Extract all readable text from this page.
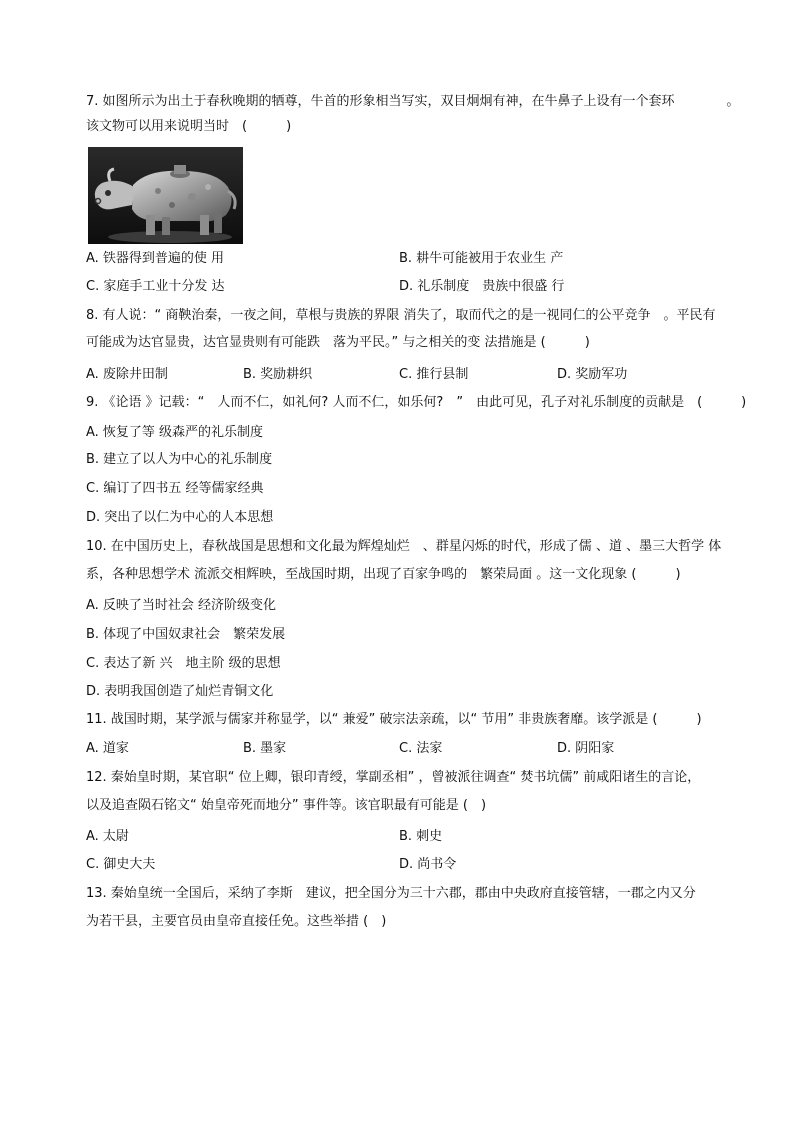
7. 如图所示为出土于春秋晚期的牺尊，牛首的形象相当写实，双目炯炯有神，在牛鼻子上设有一个套环　　　　。
该文物可以用来说明当时　(　　　)
A. 铁器得到普遍的使 用	B. 耕牛可能被用于农业生 产
C. 家庭手工业十分发 达	D. 礼乐制度　贵族中很盛 行
8. 有人说：“ 商鞅治秦，一夜之间，草根与贵族的界限 消失了，取而代之的是一视同仁的公平竞争　。平民有
可能成为达官显贵，达官显贵则有可能跌　落为平民。” 与之相关的变 法措施是 (　　　)
A. 废除井田制	B. 奖励耕织	C. 推行县制	D. 奖励军功
9. 《论语 》记载：“　人而不仁，如礼何? 人而不仁，如乐何?　”　由此可见，孔子对礼乐制度的贡献是　(　　　)
A. 恢复了等 级森严的礼乐制度
B. 建立了以人为中心的礼乐制度
C. 编订了四书五 经等儒家经典
D. 突出了以仁为中心的人本思想
10. 在中国历史上，春秋战国是思想和文化最为辉煌灿烂　、群星闪烁的时代，形成了儒 、道 、墨三大哲学 体
系，各种思想学术 流派交相辉映，至战国时期，出现了百家争鸣的　繁荣局面 。这一文化现象 (　　　)
A. 反映了当时社会 经济阶级变化
B. 体现了中国奴隶社会　繁荣发展
C. 表达了新 兴　地主阶 级的思想
D. 表明我国创造了灿烂青铜文化
11. 战国时期，某学派与儒家并称显学，以“ 兼爱” 破宗法亲疏，以“ 节用” 非贵族奢靡。该学派是 (　　　)
A. 道家	B. 墨家	C. 法家	D. 阴阳家
12. 秦始皇时期，某官职“ 位上卿，银印青绶，掌副丞相” ，曾被派往调查“ 焚书坑儒” 前咸阳诸生的言论，
以及追查陨石铭文“ 始皇帝死而地分” 事件等。该官职最有可能是 (　)
A. 太尉	B. 刺史
C. 御史大夫	D. 尚书令
13. 秦始皇统一全国后，采纳了李斯　建议，把全国分为三十六郡，郡由中央政府直接管辖，一郡之内又分
为若干县，主要官员由皇帝直接任免。这些举措 (　)
